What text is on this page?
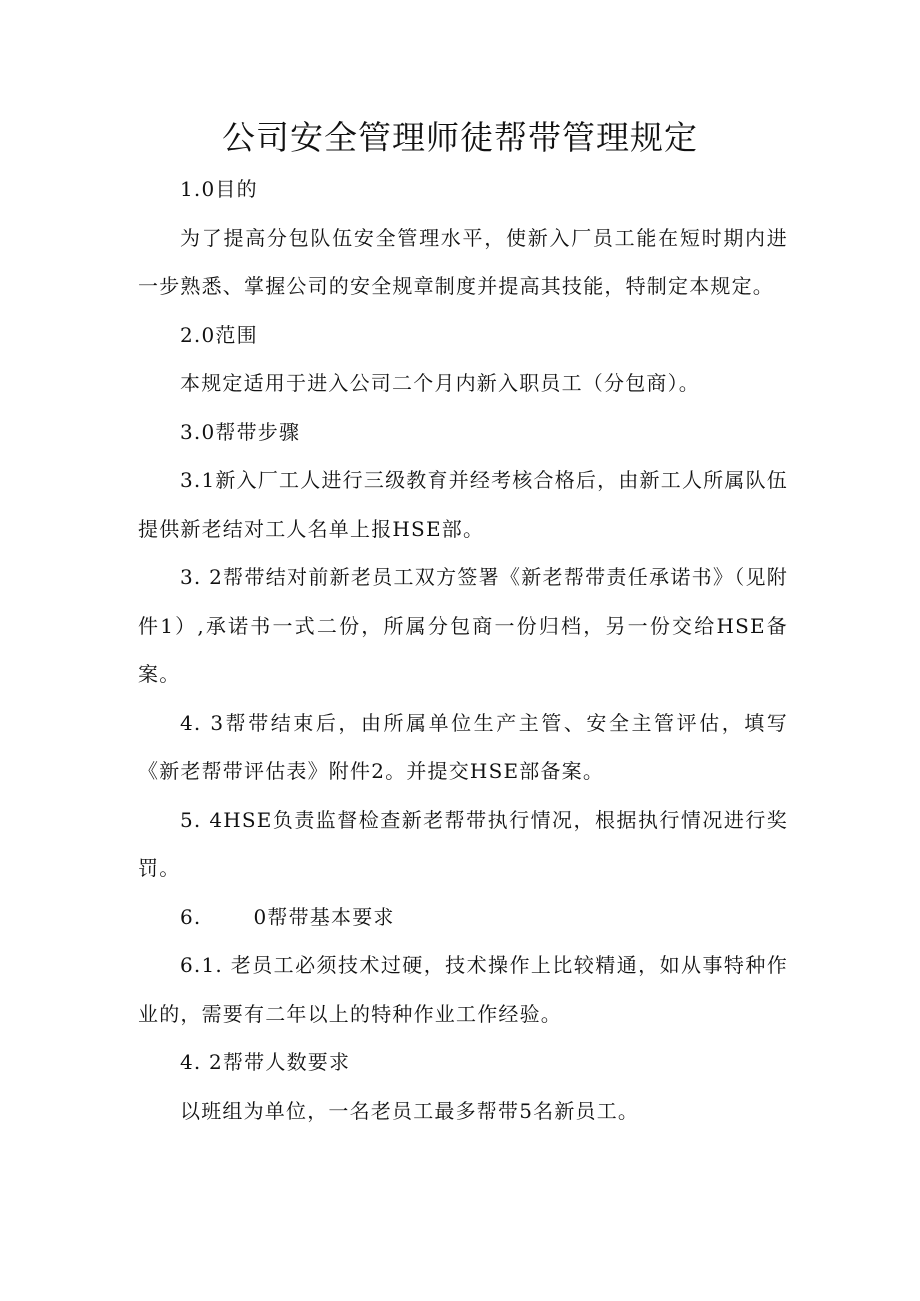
公司安全管理师徒帮带管理规定

1.0目的

为了提高分包队伍安全管理水平，使新入厂员工能在短时期内进一步熟悉、掌握公司的安全规章制度并提高其技能，特制定本规定。

2.0范围

本规定适用于进入公司二个月内新入职员工（分包商）。

3.0帮带步骤

3.1新入厂工人进行三级教育并经考核合格后，由新工人所属队伍提供新老结对工人名单上报HSE部。

3. 2帮带结对前新老员工双方签署《新老帮带责任承诺书》（见附件1）,承诺书一式二份，所属分包商一份归档，另一份交给HSE备案。

4. 3帮带结束后，由所属单位生产主管、安全主管评估，填写《新老帮带评估表》附件2。并提交HSE部备案。

5. 4HSE负责监督检查新老帮带执行情况，根据执行情况进行奖罚。

6.	0帮带基本要求

6.1. 老员工必须技术过硬，技术操作上比较精通，如从事特种作业的，需要有二年以上的特种作业工作经验。

4. 2帮带人数要求

以班组为单位，一名老员工最多帮带5名新员工。
